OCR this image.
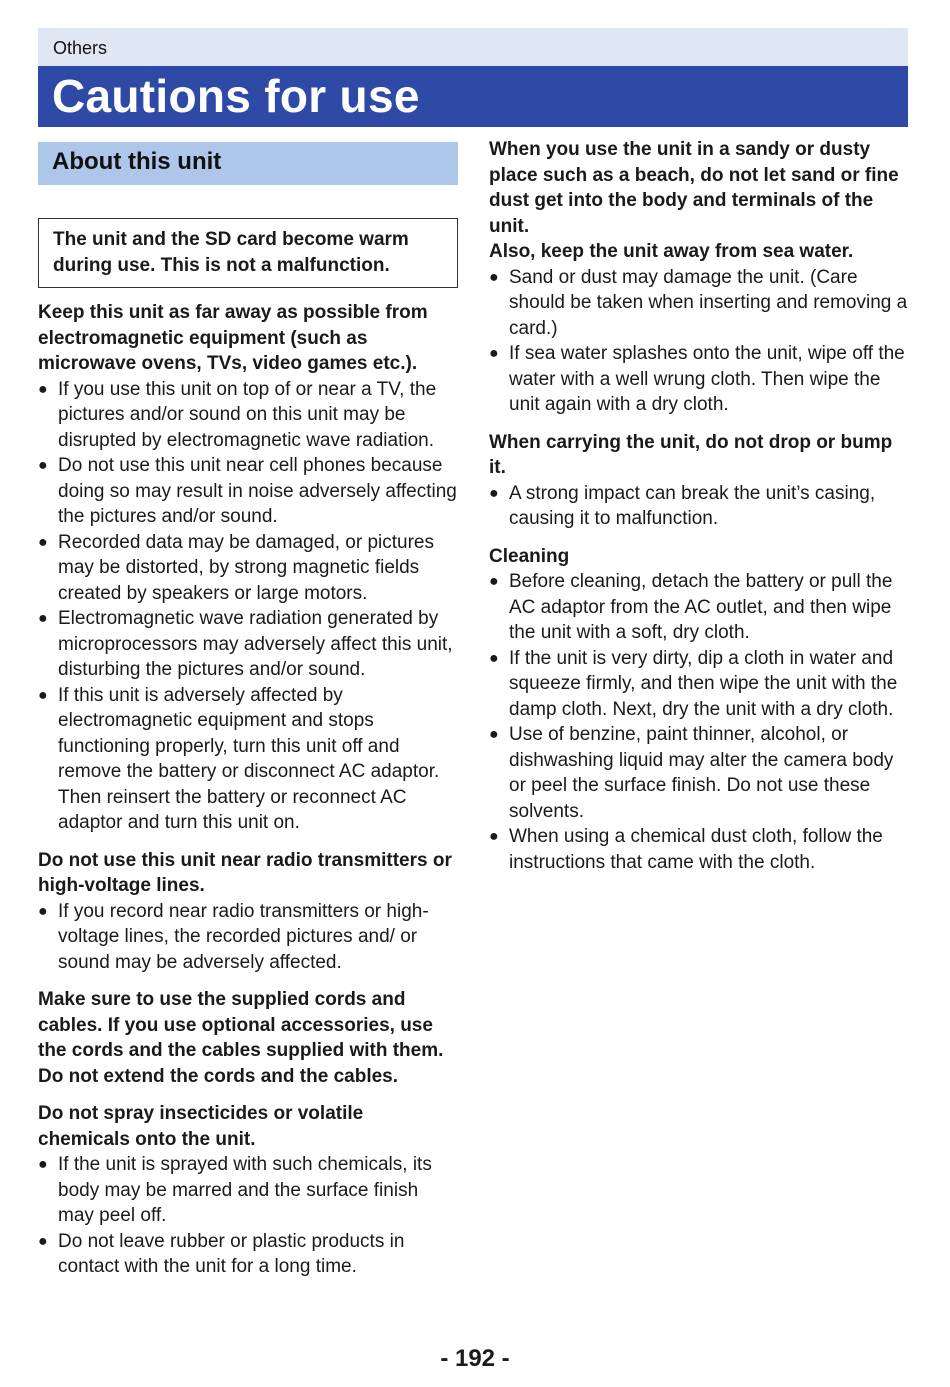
Others
Cautions for use
About this unit
The unit and the SD card become warm during use. This is not a malfunction.

Keep this unit as far away as possible from electromagnetic equipment (such as microwave ovens, TVs, video games etc.).

● If you use this unit on top of or near a TV, the pictures and/or sound on this unit may be disrupted by electromagnetic wave radiation.
● Do not use this unit near cell phones because doing so may result in noise adversely affecting the pictures and/or sound.
● Recorded data may be damaged, or pictures may be distorted, by strong magnetic fields created by speakers or large motors.
● Electromagnetic wave radiation generated by microprocessors may adversely affect this unit, disturbing the pictures and/or sound.
● If this unit is adversely affected by electromagnetic equipment and stops functioning properly, turn this unit off and remove the battery or disconnect AC adaptor. Then reinsert the battery or reconnect AC adaptor and turn this unit on.

Do not use this unit near radio transmitters or high-voltage lines.

● If you record near radio transmitters or high-voltage lines, the recorded pictures and/ or sound may be adversely affected.

Make sure to use the supplied cords and cables. If you use optional accessories, use the cords and the cables supplied with them.

Do not extend the cords and the cables.

Do not spray insecticides or volatile chemicals onto the unit.

● If the unit is sprayed with such chemicals, its body may be marred and the surface finish may peel off.
● Do not leave rubber or plastic products in contact with the unit for a long time.

When you use the unit in a sandy or dusty place such as a beach, do not let sand or fine dust get into the body and terminals of the unit.

Also, keep the unit away from sea water.

● Sand or dust may damage the unit. (Care should be taken when inserting and removing a card.)
● If sea water splashes onto the unit, wipe off the water with a well wrung cloth. Then wipe the unit again with a dry cloth.

When carrying the unit, do not drop or bump it.

● A strong impact can break the unit’s casing, causing it to malfunction.

Cleaning

● Before cleaning, detach the battery or pull the AC adaptor from the AC outlet, and then wipe the unit with a soft, dry cloth.
● If the unit is very dirty, dip a cloth in water and squeeze firmly, and then wipe the unit with the damp cloth. Next, dry the unit with a dry cloth.
● Use of benzine, paint thinner, alcohol, or dishwashing liquid may alter the camera body or peel the surface finish. Do not use these solvents.
● When using a chemical dust cloth, follow the instructions that came with the cloth.
- 192 -
